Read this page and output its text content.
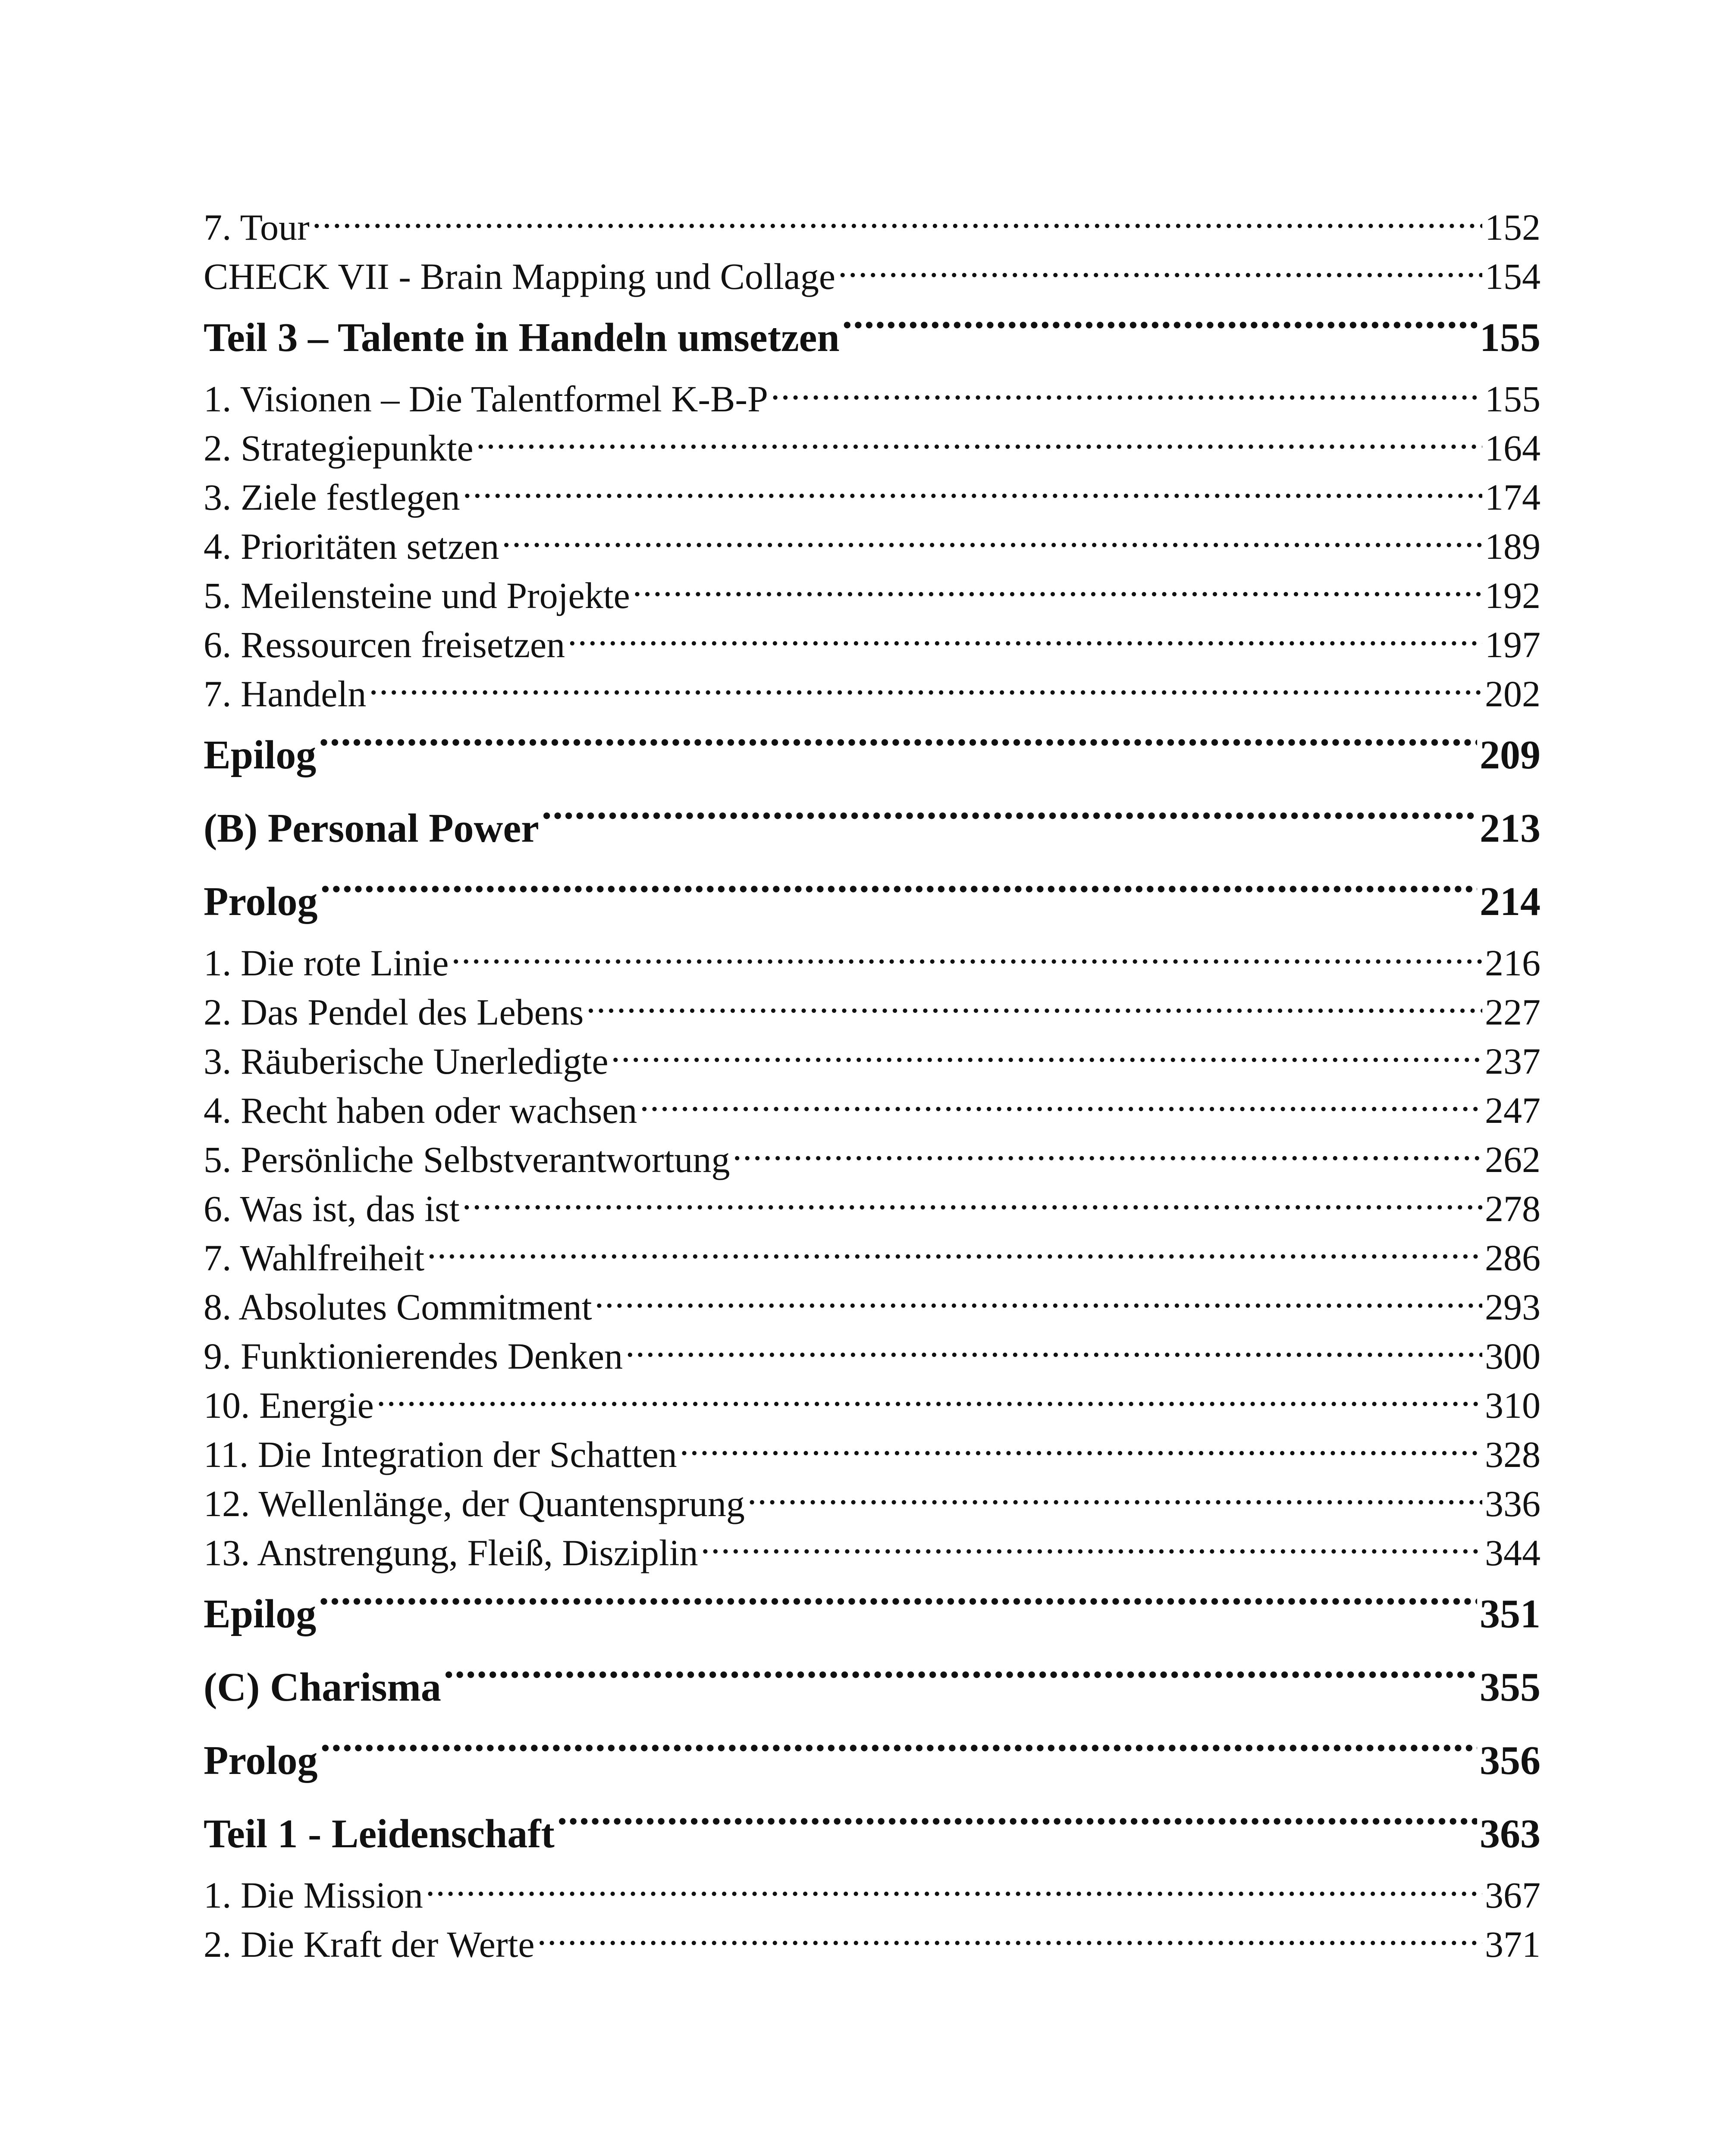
7. Tour .....	152
CHECK VII - Brain Mapping und Collage .....	154
Teil 3 – Talente in Handeln umsetzen .....	155
1. Visionen – Die Talentformel K-B-P .....	155
2. Strategiepunkte .....	164
3. Ziele festlegen .....	174
4. Prioritäten setzen .....	189
5. Meilensteine und Projekte .....	192
6. Ressourcen freisetzen .....	197
7. Handeln .....	202
Epilog .....	209
(B) Personal Power .....	213
Prolog .....	214
1. Die rote Linie .....	216
2. Das Pendel des Lebens .....	227
3. Räuberische Unerledigte .....	237
4. Recht haben oder wachsen .....	247
5. Persönliche Selbstverantwortung .....	262
6. Was ist, das ist .....	278
7. Wahlfreiheit .....	286
8. Absolutes Commitment .....	293
9. Funktionierendes Denken .....	300
10. Energie .....	310
11. Die Integration der Schatten .....	328
12. Wellenlänge, der Quantensprung .....	336
13. Anstrengung, Fleiß, Disziplin .....	344
Epilog .....	351
(C) Charisma .....	355
Prolog .....	356
Teil 1 - Leidenschaft .....	363
1. Die Mission .....	367
2. Die Kraft der Werte .....	371
